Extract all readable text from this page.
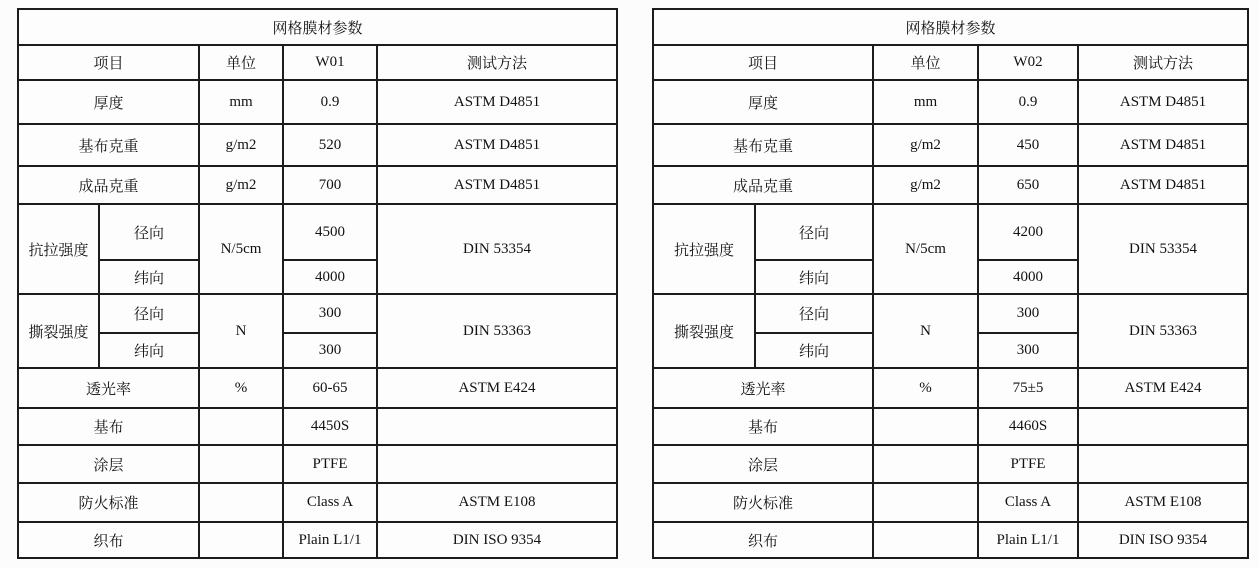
网格膜材参数				
项目		单位	W01	测试方法
厚度		mm	0.9	ASTM D4851
基布克重		g/m2	520	ASTM D4851
成品克重		g/m2	700	ASTM D4851
抗拉强度	径向	N/5cm	4500	DIN 53354
	纬向		4000	
撕裂强度	径向	N	300	DIN 53363
	纬向		300	
透光率		%	60-65	ASTM E424
基布			4450S	
涂层			PTFE	
防火标准			Class A	ASTM E108
织布			Plain L1/1	DIN ISO 9354
网格膜材参数				
项目		单位	W02	测试方法
厚度		mm	0.9	ASTM D4851
基布克重		g/m2	450	ASTM D4851
成品克重		g/m2	650	ASTM D4851
抗拉强度	径向	N/5cm	4200	DIN 53354
	纬向		4000	
撕裂强度	径向	N	300	DIN 53363
	纬向		300	
透光率		%	75±5	ASTM E424
基布			4460S	
涂层			PTFE	
防火标准			Class A	ASTM E108
织布			Plain L1/1	DIN ISO 9354
